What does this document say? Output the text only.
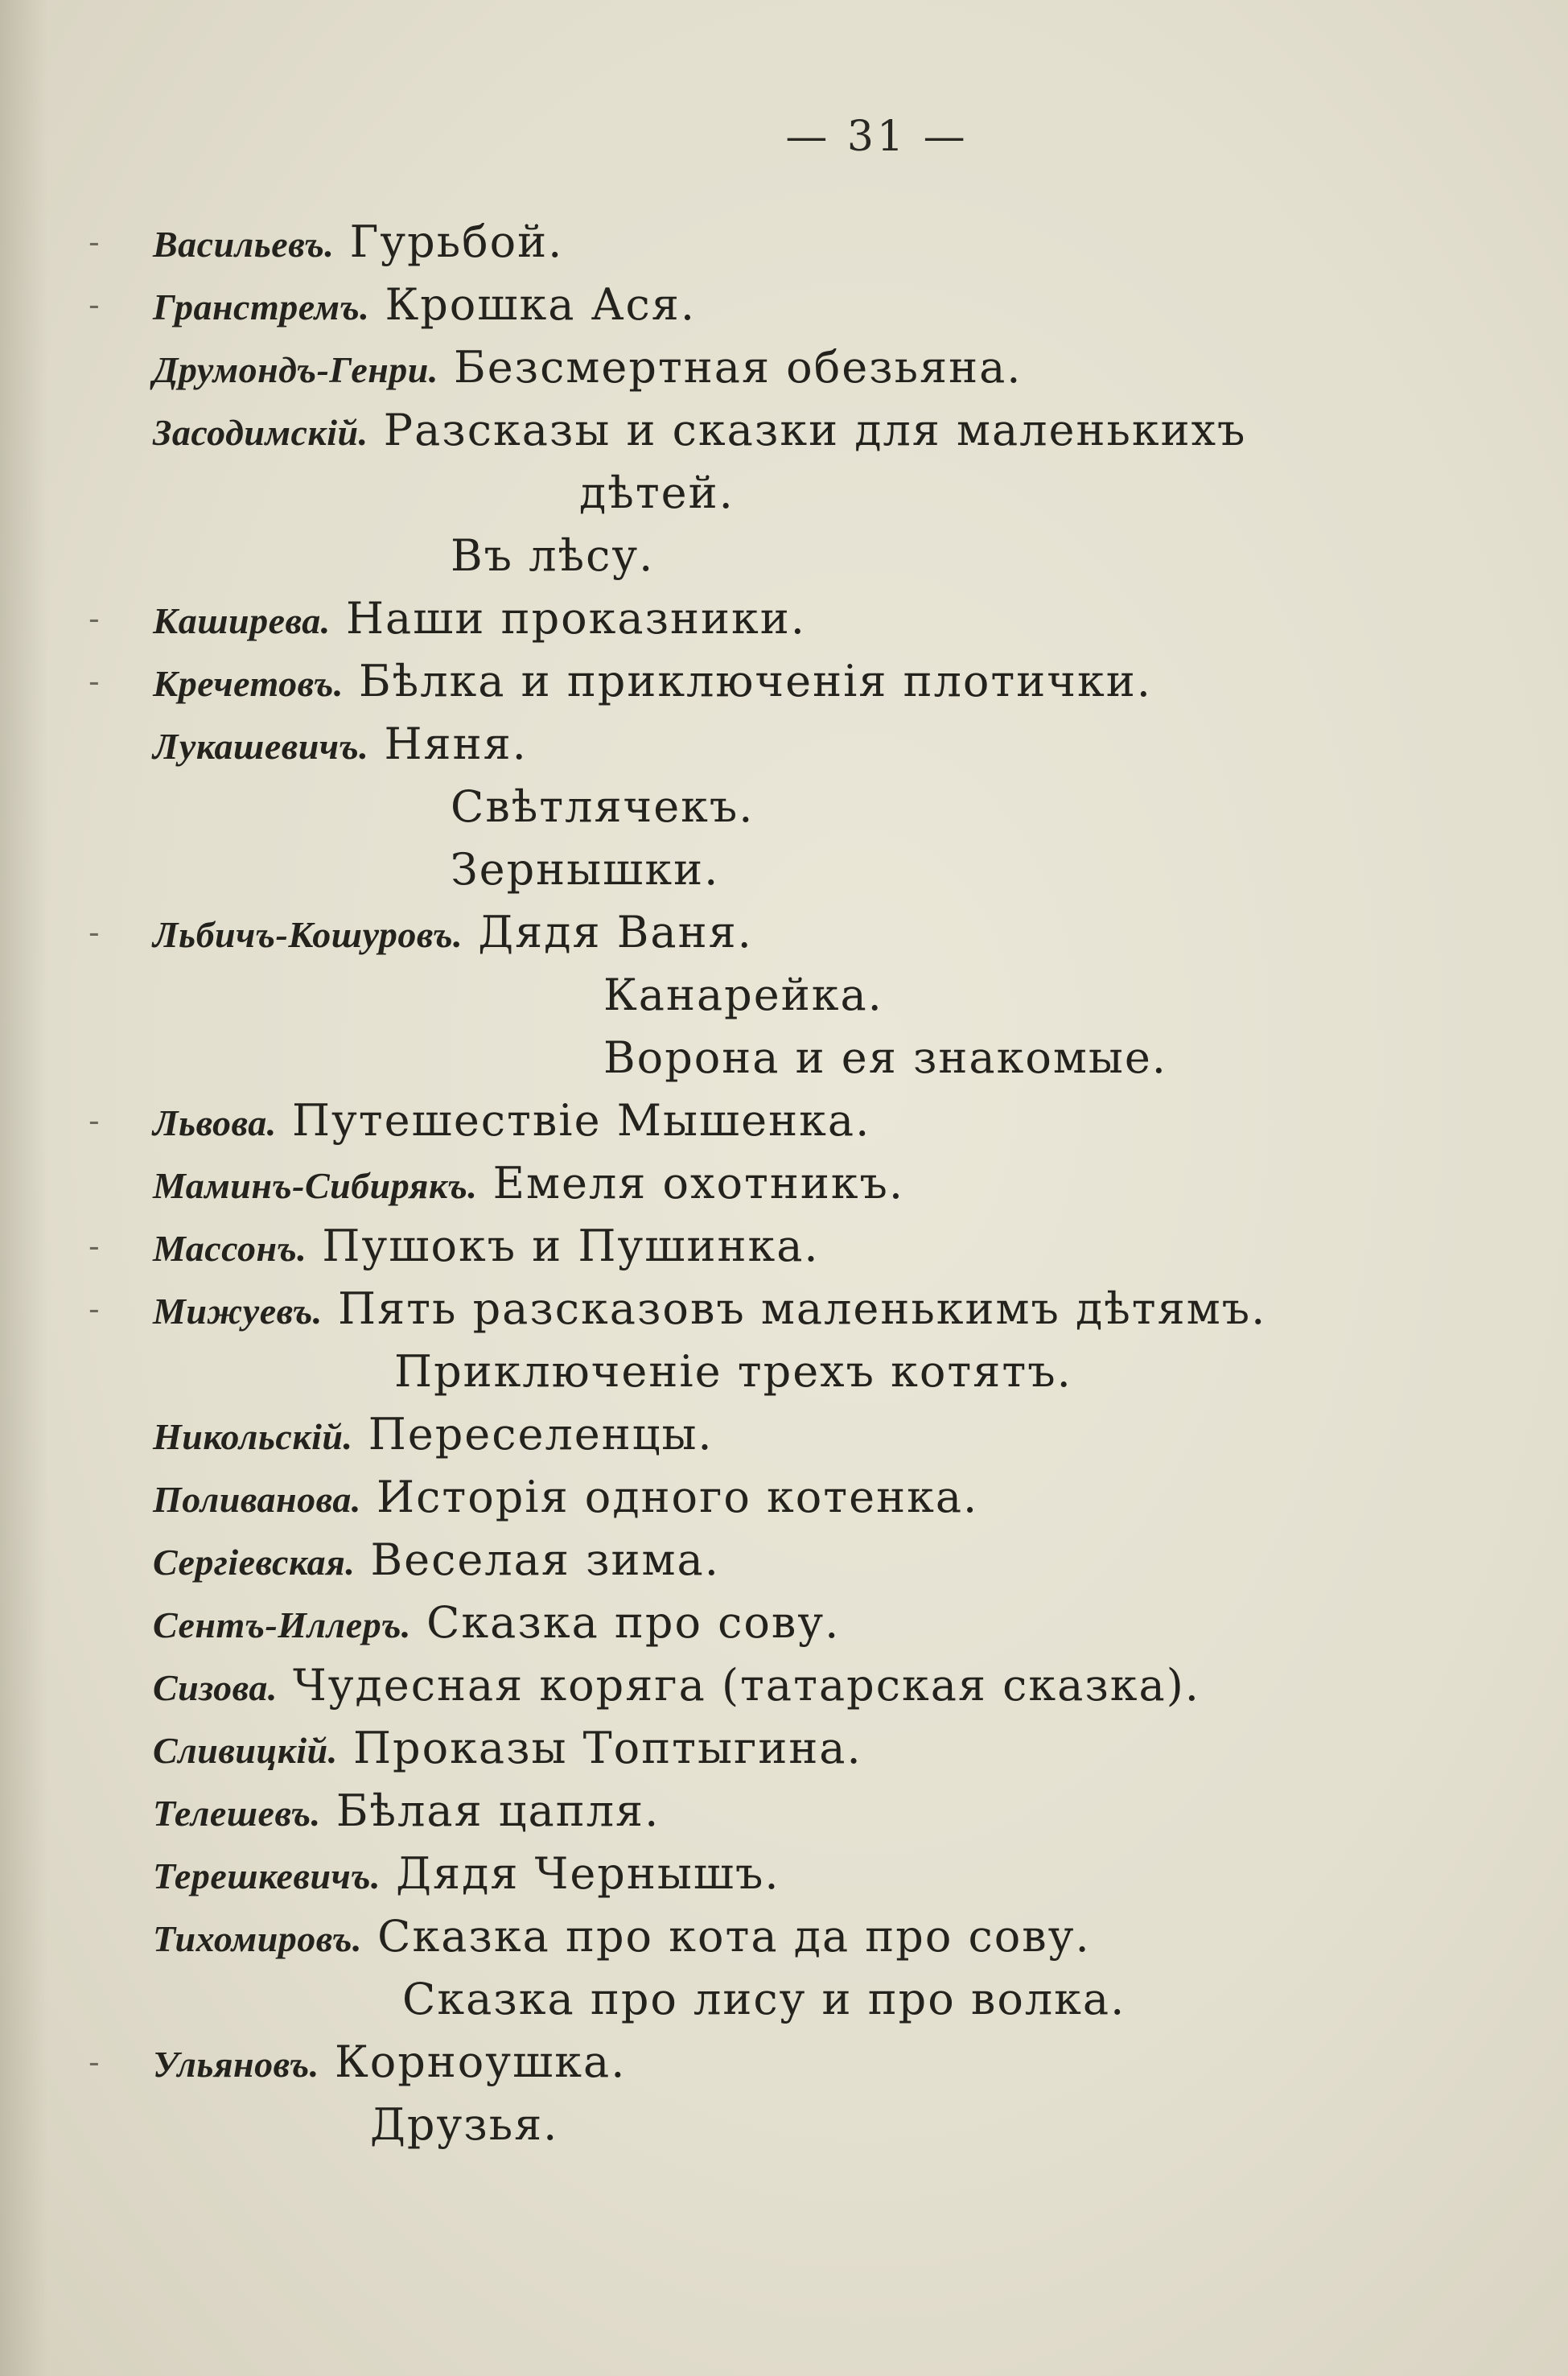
— 31 —
- Васильевъ. Гурьбой.
- Гранстремъ. Крошка Ася.
Друмондъ-Генри. Безсмертная обезьяна.
Засодимскій. Разсказы и сказки для маленькихъ
дѣтей.
Въ лѣсу.
- Каширева. Наши проказники.
- Кречетовъ. Бѣлка и приключенія плотички.
Лукашевичъ. Няня.
Свѣтлячекъ.
Зернышки.
- Льбичъ-Кошуровъ. Дядя Ваня.
Канарейка.
Ворона и ея знакомые.
- Львова. Путешествіе Мышенка.
Маминъ-Сибирякъ. Емеля охотникъ.
- Массонъ. Пушокъ и Пушинка.
- Мижуевъ. Пять разсказовъ маленькимъ дѣтямъ.
Приключеніе трехъ котятъ.
Никольскій. Переселенцы.
Поливанова. Исторія одного котенка.
Сергіевская. Веселая зима.
Сентъ-Иллеръ. Сказка про сову.
Сизова. Чудесная коряга (татарская сказка).
Сливицкій. Проказы Топтыгина.
Телешевъ. Бѣлая цапля.
Терешкевичъ. Дядя Чернышъ.
Тихомировъ. Сказка про кота да про сову.
Сказка про лису и про волка.
- Ульяновъ. Корноушка.
Друзья.
